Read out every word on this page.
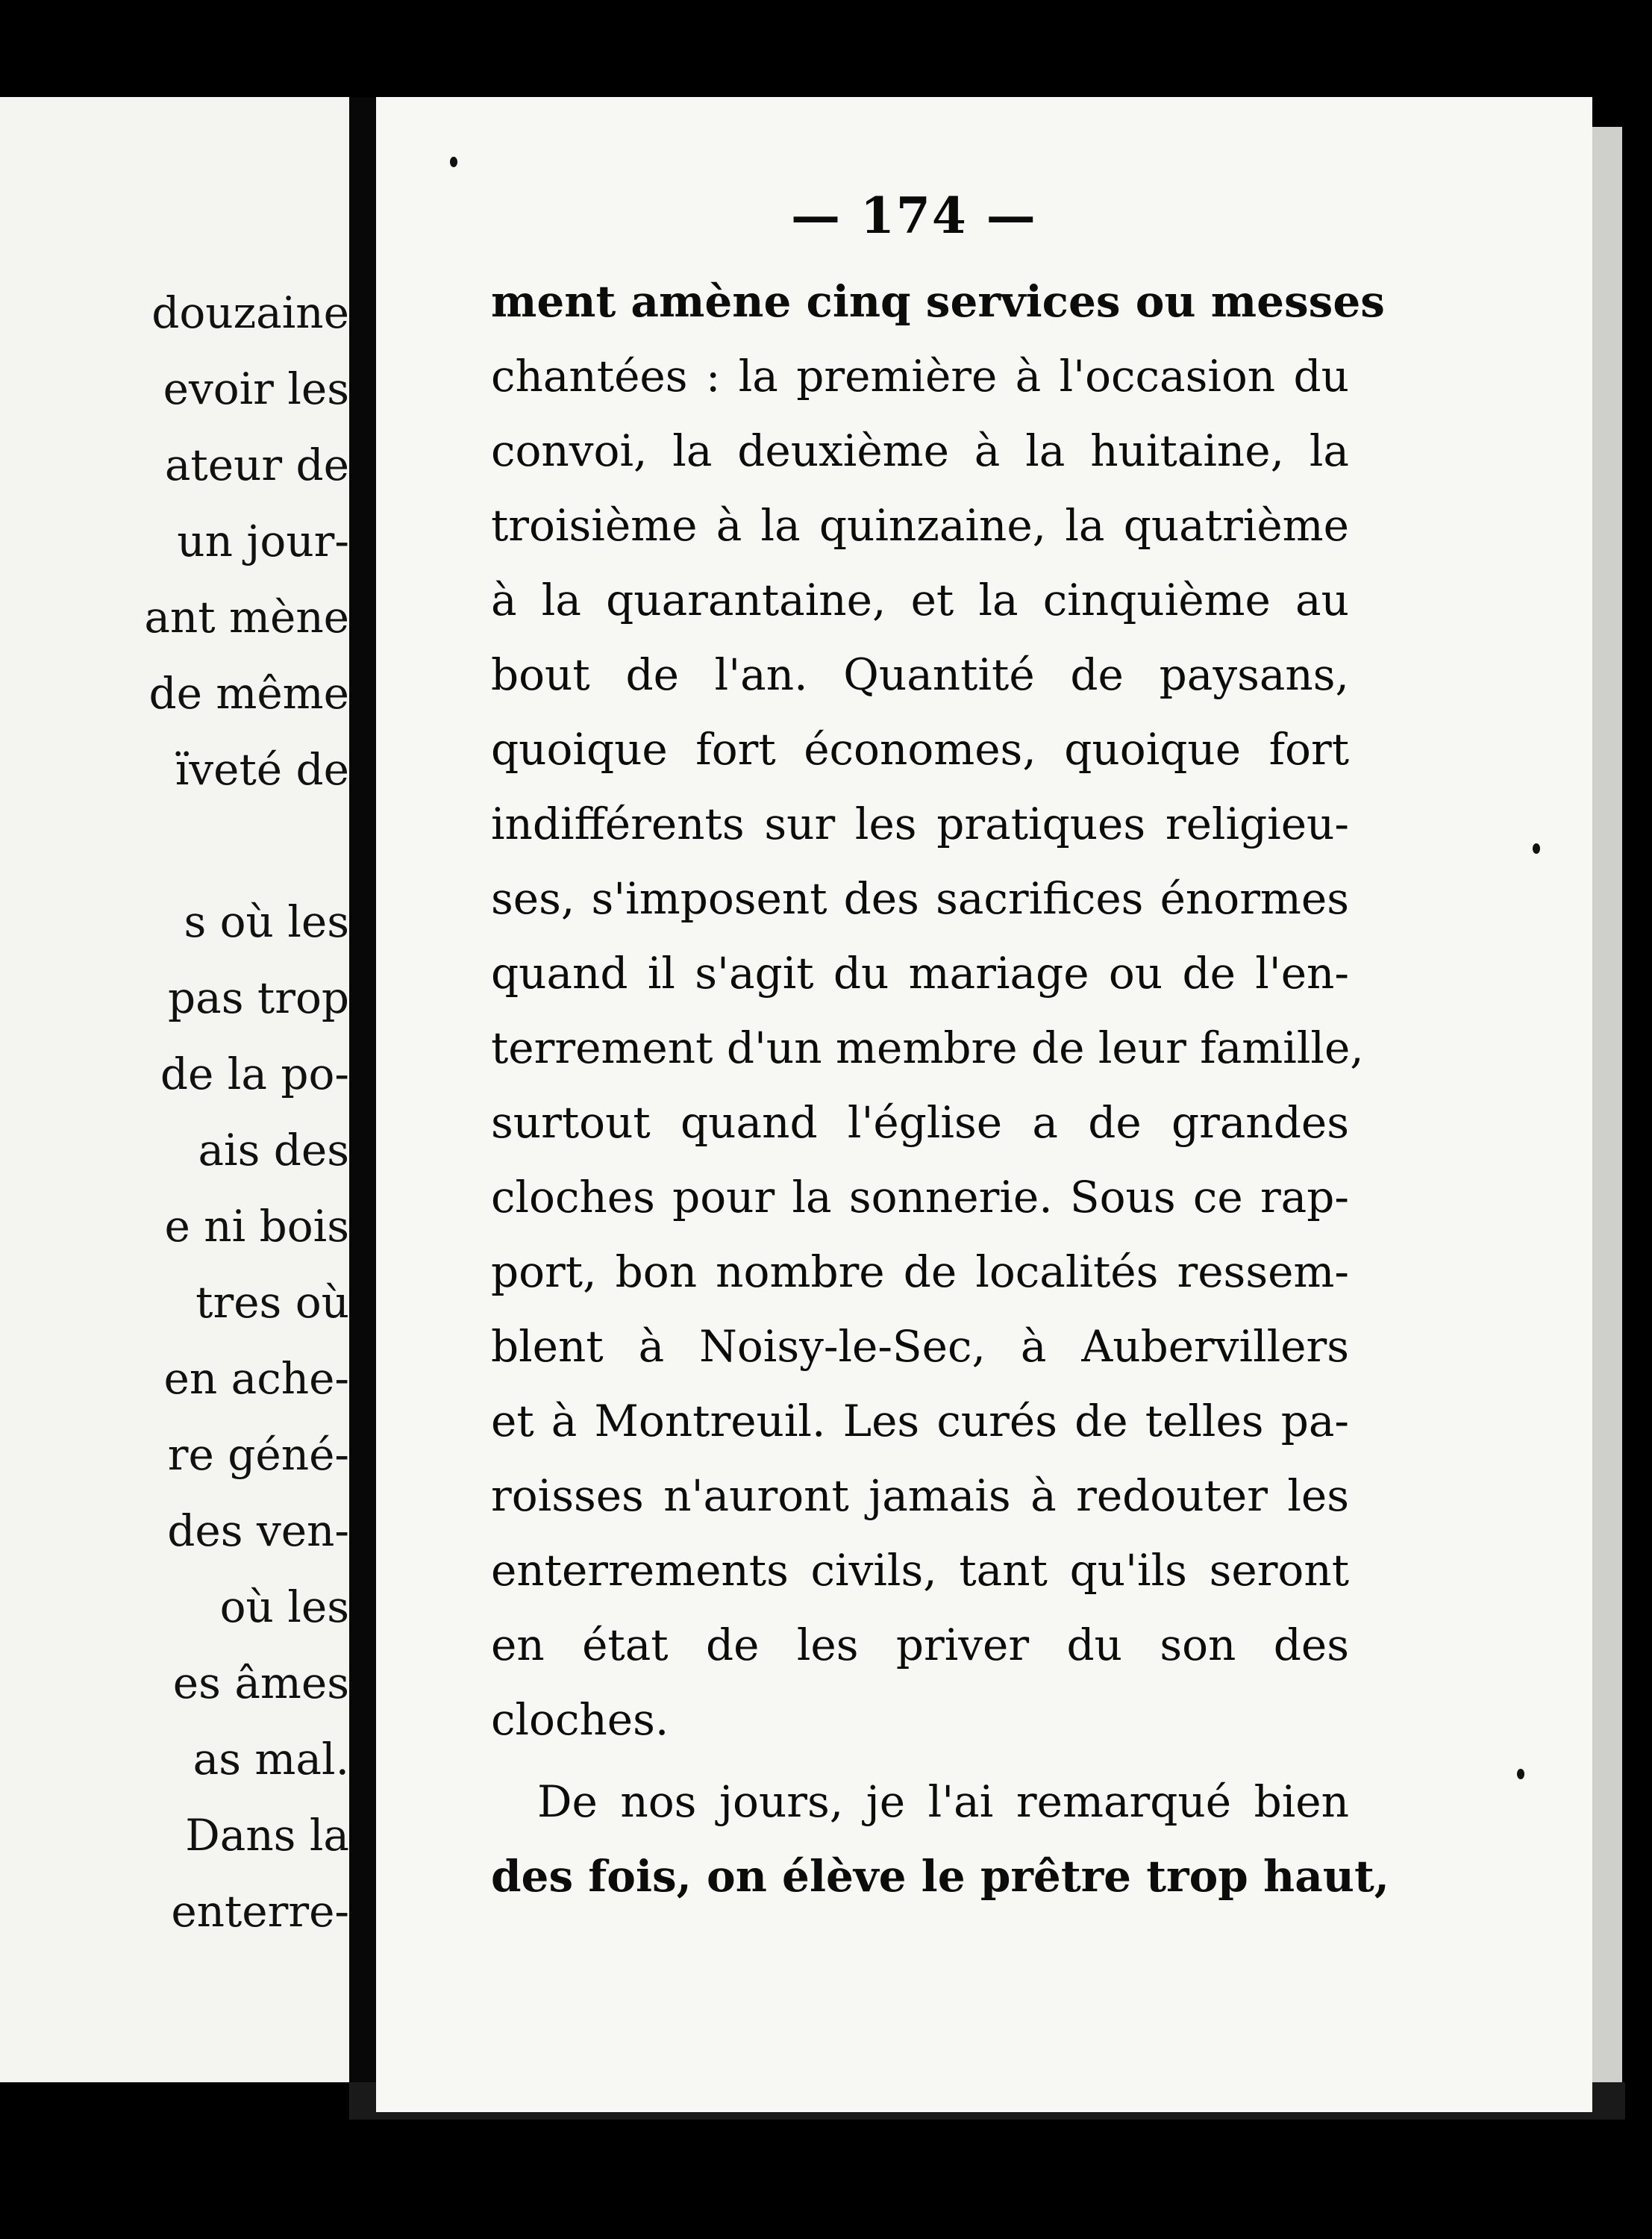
douzaine
evoir les
ateur de
un jour-
ant mène
de même
ïveté de
s où les
pas trop
de la po-
ais des
e ni bois
tres où
en ache-
re géné-
des ven-
où les
es âmes
as mal.
Dans la
enterre-
— 174 —
ment amène cinq services ou messes
chantées : la première à l'occasion du
convoi, la deuxième à la huitaine, la
troisième à la quinzaine, la quatrième
à la quarantaine, et la cinquième au
bout de l'an. Quantité de paysans,
quoique fort économes, quoique fort
indifférents sur les pratiques religieu-
ses, s'imposent des sacrifices énormes
quand il s'agit du mariage ou de l'en-
terrement d'un membre de leur famille,
surtout quand l'église a de grandes
cloches pour la sonnerie. Sous ce rap-
port, bon nombre de localités ressem-
blent à Noisy-le-Sec, à Aubervillers
et à Montreuil. Les curés de telles pa-
roisses n'auront jamais à redouter les
enterrements civils, tant qu'ils seront
en état de les priver du son des
cloches.
De nos jours, je l'ai remarqué bien
des fois, on élève le prêtre trop haut,
